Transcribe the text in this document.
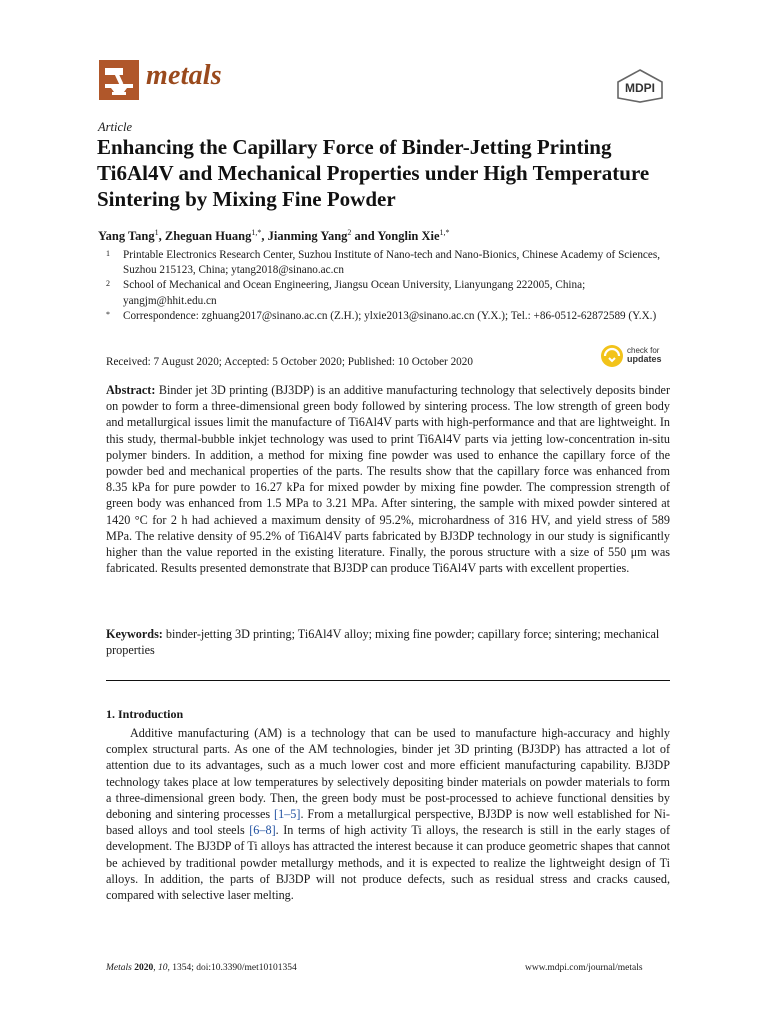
metals	MDPI
Article
Enhancing the Capillary Force of Binder-Jetting Printing Ti6Al4V and Mechanical Properties under High Temperature Sintering by Mixing Fine Powder
Yang Tang$^1$, Zheguan Huang$^{1,*}$, Jianming Yang$^2$ and Yonglin Xie$^{1,*}$
1 Printable Electronics Research Center, Suzhou Institute of Nano-tech and Nano-Bionics, Chinese Academy of Sciences, Suzhou 215123, China; ytang2018@sinano.ac.cn
2 School of Mechanical and Ocean Engineering, Jiangsu Ocean University, Lianyungang 222005, China; yangjm@hhit.edu.cn
* Correspondence: zghuang2017@sinano.ac.cn (Z.H.); ylxie2013@sinano.ac.cn (Y.X.); Tel.: +86-0512-62872589 (Y.X.)
Received: 7 August 2020; Accepted: 5 October 2020; Published: 10 October 2020
check for
updates

Abstract: Binder jet 3D printing (BJ3DP) is an additive manufacturing technology that selectively deposits binder on powder to form a three-dimensional green body followed by sintering process. The low strength of green body and metallurgical issues limit the manufacture of Ti6Al4V parts with high-performance and that are lightweight. In this study, thermal-bubble inkjet technology was used to print Ti6Al4V parts via jetting low-concentration in-situ polymer binders. In addition, a method for mixing fine powder was used to enhance the capillary force of the powder bed and mechanical properties of the parts. The results show that the capillary force was enhanced from 8.35 kPa for pure powder to 16.27 kPa for mixed powder by mixing fine powder. The compression strength of green body was enhanced from 1.5 MPa to 3.21 MPa. After sintering, the sample with mixed powder sintered at 1420 °C for 2 h had achieved a maximum density of 95.2%, microhardness of 316 HV, and yield stress of 589 MPa. The relative density of 95.2% of Ti6Al4V parts fabricated by BJ3DP technology in our study is significantly higher than the value reported in the existing literature. Finally, the porous structure with a size of 550 μm was fabricated. Results presented demonstrate that BJ3DP can produce Ti6Al4V parts with excellent properties.

Keywords: binder-jetting 3D printing; Ti6Al4V alloy; mixing fine powder; capillary force; sintering; mechanical properties

1. Introduction

Additive manufacturing (AM) is a technology that can be used to manufacture high-accuracy and highly complex structural parts. As one of the AM technologies, binder jet 3D printing (BJ3DP) has attracted a lot of attention due to its advantages, such as a much lower cost and more efficient manufacturing capability. BJ3DP technology takes place at low temperatures by selectively depositing binder materials on powder materials to form a three-dimensional green body. Then, the green body must be post-processed to achieve functional densities by deboning and sintering processes [1–5]. From a metallurgical perspective, BJ3DP is now well established for Ni-based alloys and tool steels [6–8]. In terms of high activity Ti alloys, the research is still in the early stages of development. The BJ3DP of Ti alloys has attracted the interest because it can produce geometric shapes that cannot be achieved by traditional powder metallurgy methods, and it is expected to realize the lightweight design of Ti alloys. In addition, the parts of BJ3DP will not produce defects, such as residual stress and cracks caused, compared with selective laser melting.

Metals 2020, 10, 1354; doi:10.3390/met10101354	www.mdpi.com/journal/metals
